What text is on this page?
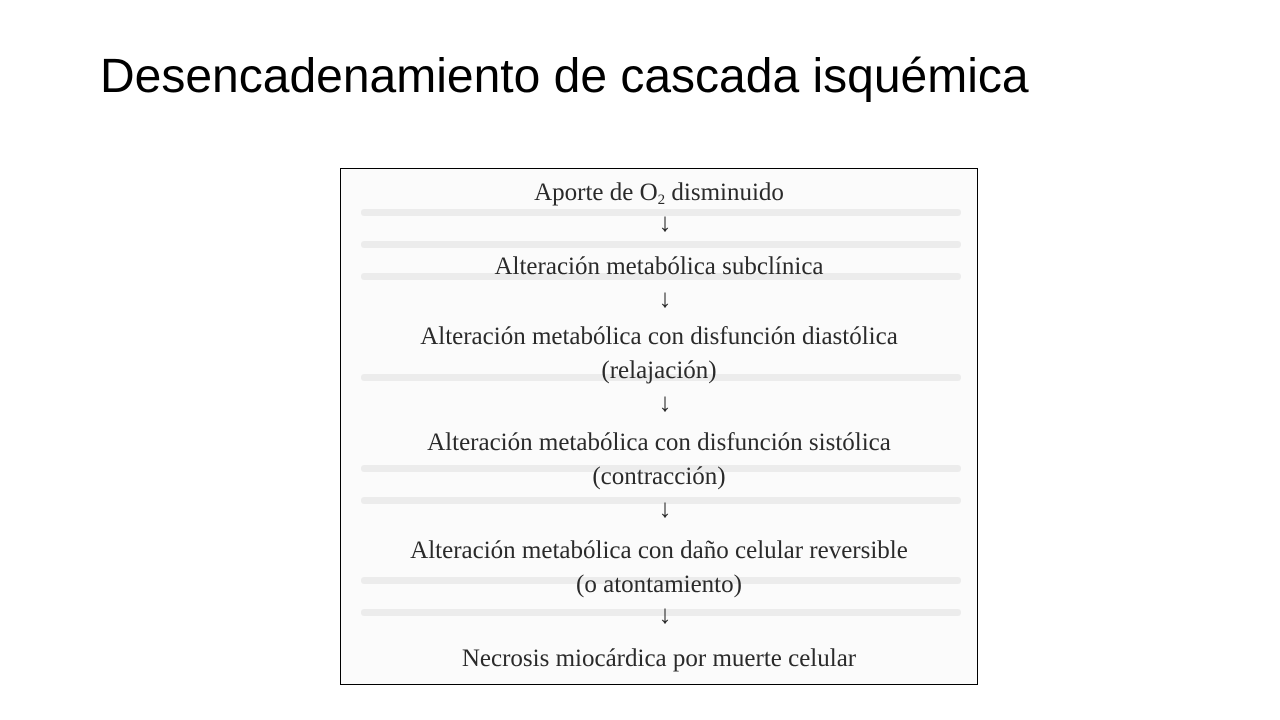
Desencadenamiento de cascada isquémica
Aporte de $O_2$ disminuido
↓
Alteración metabólica subclínica
↓
Alteración metabólica con disfunción diastólica
(relajación)
↓
Alteración metabólica con disfunción sistólica
(contracción)
↓
Alteración metabólica con daño celular reversible
(o atontamiento)
↓
Necrosis miocárdica por muerte celular
